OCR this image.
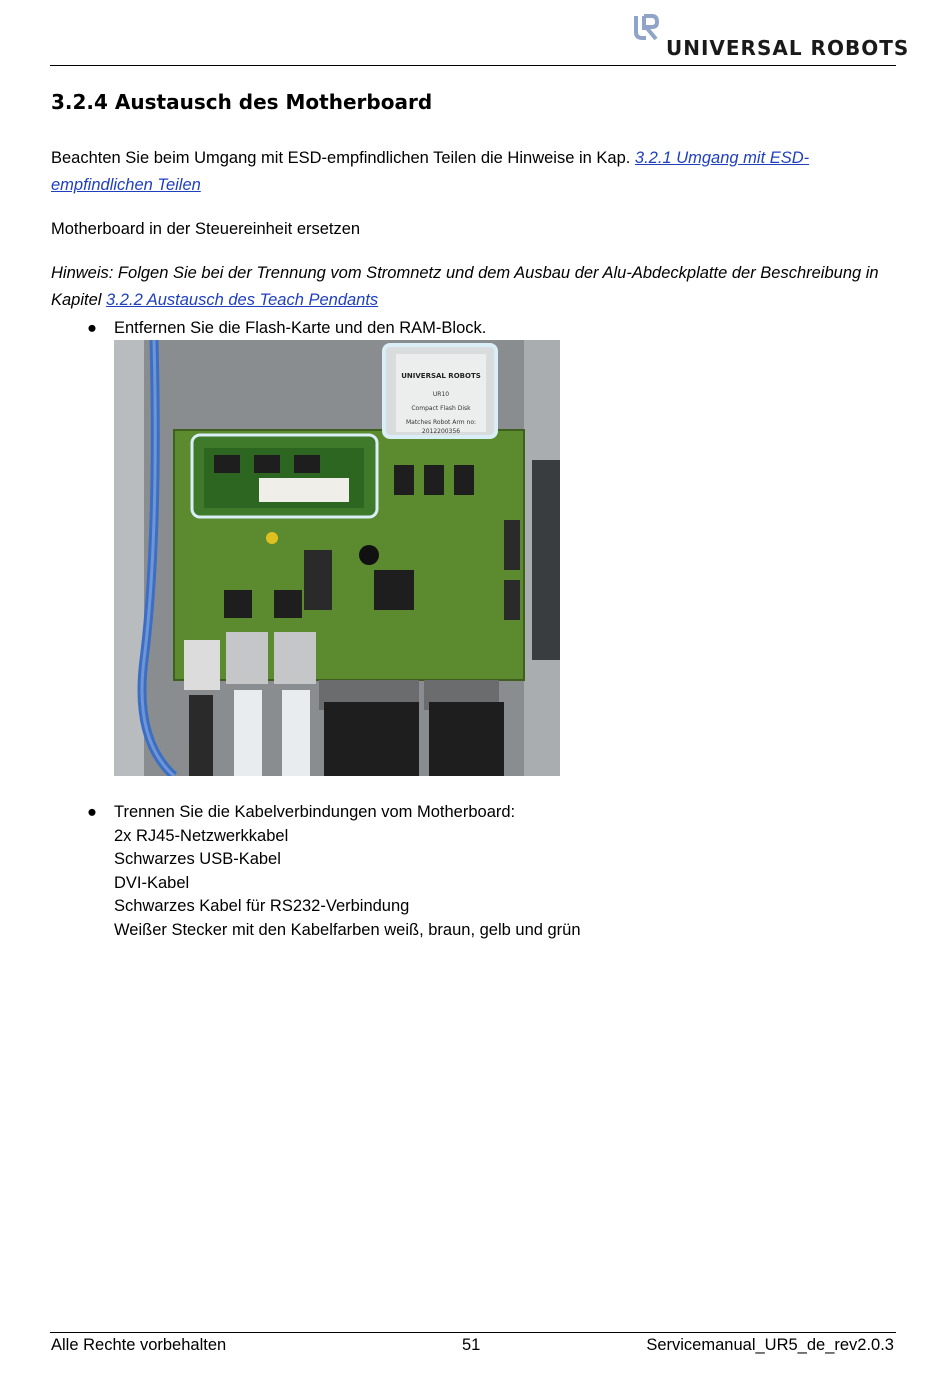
UNIVERSAL ROBOTS
3.2.4 Austausch des Motherboard

Beachten Sie beim Umgang mit ESD-empfindlichen Teilen die Hinweise in Kap. 3.2.1 Umgang mit ESD-empfindlichen Teilen

Motherboard in der Steuereinheit ersetzen

Hinweis: Folgen Sie bei der Trennung vom Stromnetz und dem Ausbau der Alu-Abdeckplatte der Beschreibung in Kapitel 3.2.2 Austausch des Teach Pendants

● Entfernen Sie die Flash-Karte und den RAM-Block.
UNIVERSAL ROBOTS
UR10
Compact Flash Disk
Matches Robot Arm no:
2012200356
● Trennen Sie die Kabelverbindungen vom Motherboard:
2x RJ45-Netzwerkkabel
Schwarzes USB-Kabel
DVI-Kabel
Schwarzes Kabel für RS232-Verbindung
Weißer Stecker mit den Kabelfarben weiß, braun, gelb und grün
Alle Rechte vorbehalten	51	Servicemanual_UR5_de_rev2.0.3
